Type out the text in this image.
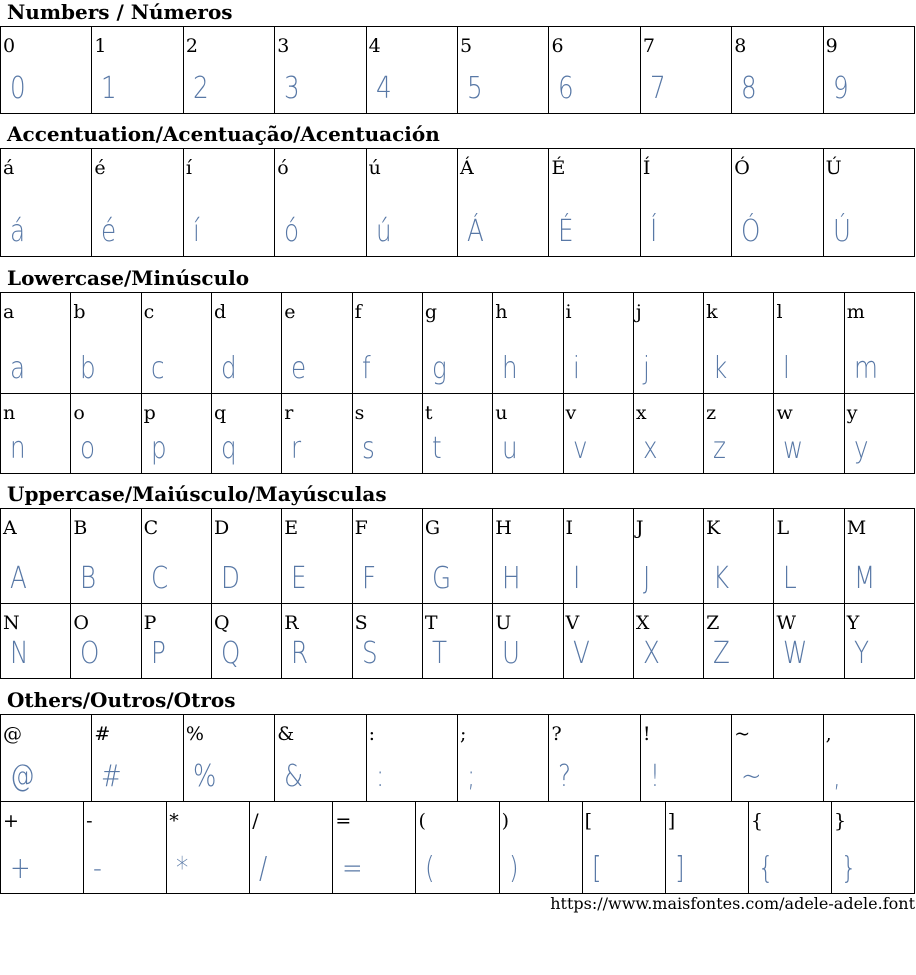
Numbers / Números
0
0
1
1
2
2
3
3
4
4
5
5
6
6
7
7
8
8
9
9
Accentuation/Acentuação/Acentuación
á
á
é
é
í
í
ó
ó
ú
ú
Á
Á
É
É
Í
Í
Ó
Ó
Ú
Ú
Lowercase/Minúsculo
a
a
b
b
c
c
d
d
e
e
f
f
g
g
h
h
i
i
j
j
k
k
l
l
m
m
n
n
o
o
p
p
q
q
r
r
s
s
t
t
u
u
v
v
x
x
z
z
w
w
y
y
Uppercase/Maiúsculo/Mayúsculas
A
A
B
B
C
C
D
D
E
E
F
F
G
G
H
H
I
I
J
J
K
K
L
L
M
M
N
N
O
O
P
P
Q
Q
R
R
S
S
T
T
U
U
V
V
X
X
Z
Z
W
W
Y
Y
Others/Outros/Otros
@
@
#
#
%
%
&
&
:
:
;
;
?
?
!
!
~
~
,
,
+
+
-
-
*
*
/
/
=
=
(
(
)
)
[
[
]
]
{
{
}
}
https://www.maisfontes.com/adele-adele.font
